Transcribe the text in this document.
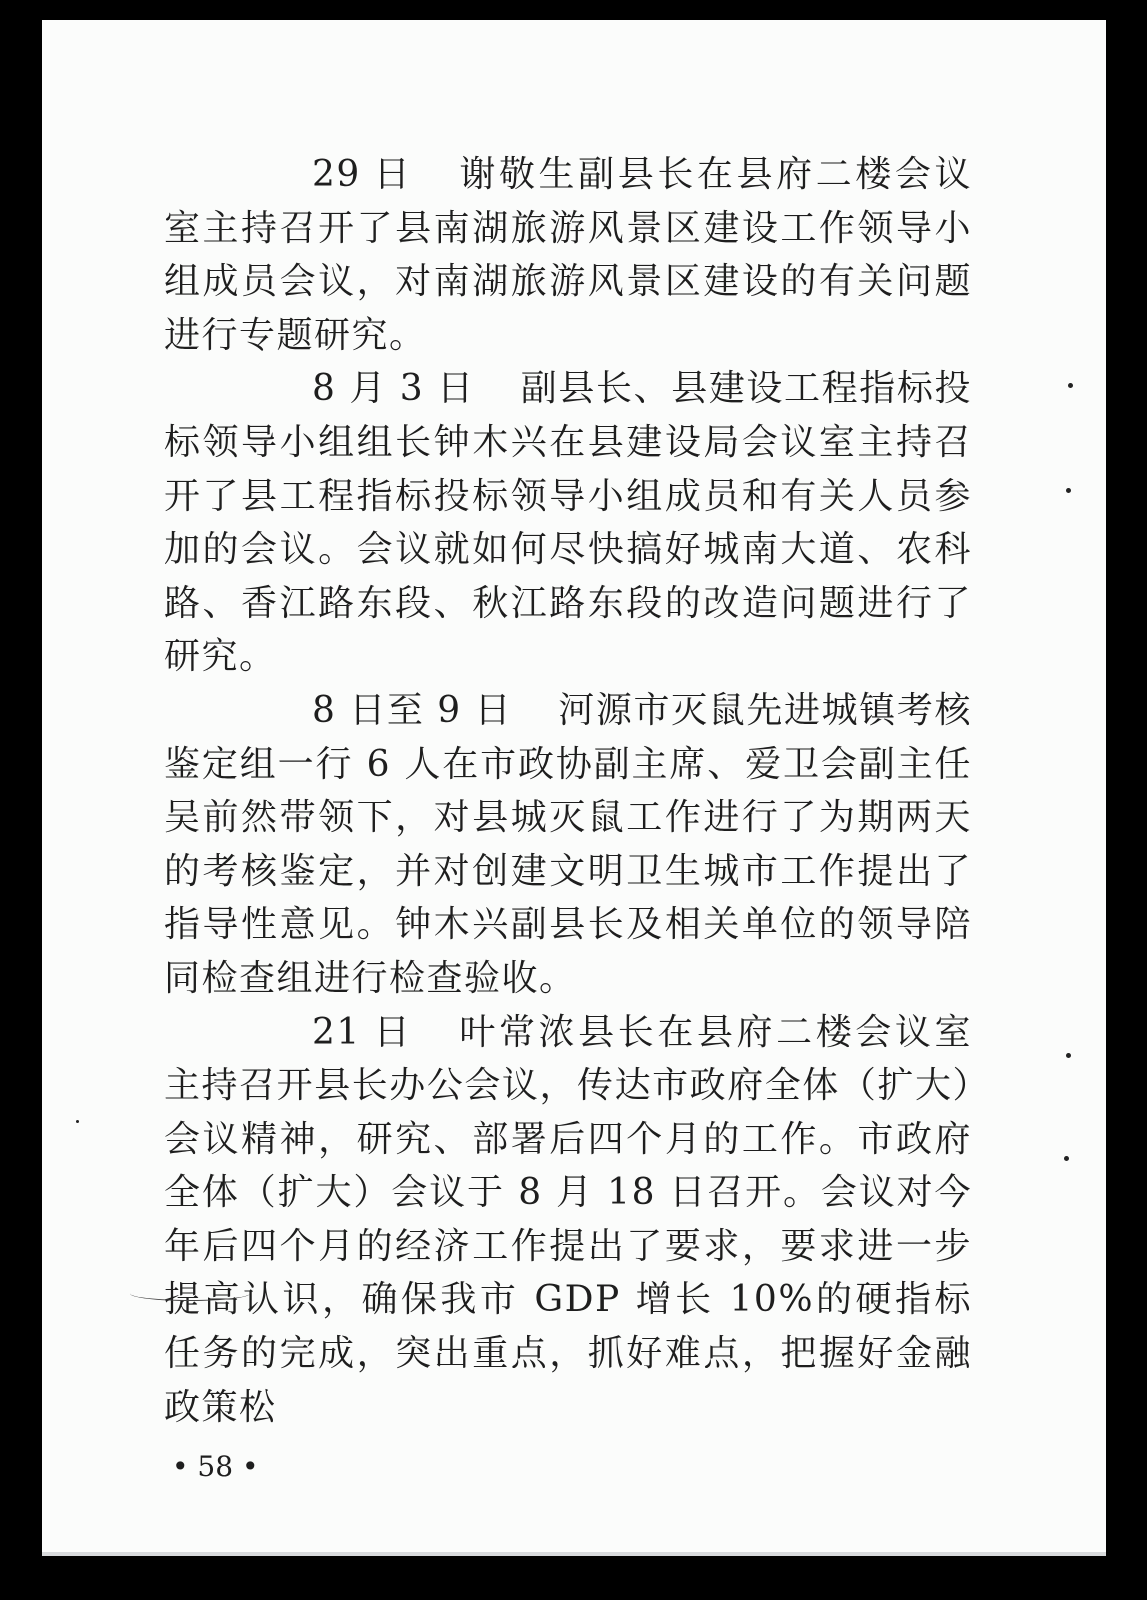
29 日 谢敬生副县长在县府二楼会议室主持召开了县南湖旅游风景区建设工作领导小组成员会议，对南湖旅游风景区建设的有关问题进行专题研究。

8 月 3 日 副县长、县建设工程指标投标领导小组组长钟木兴在县建设局会议室主持召开了县工程指标投标领导小组成员和有关人员参加的会议。会议就如何尽快搞好城南大道、农科路、香江路东段、秋江路东段的改造问题进行了研究。

8 日至 9 日 河源市灭鼠先进城镇考核鉴定组一行 6 人在市政协副主席、爱卫会副主任吴前然带领下，对县城灭鼠工作进行了为期两天的考核鉴定，并对创建文明卫生城市工作提出了指导性意见。钟木兴副县长及相关单位的领导陪同检查组进行检查验收。

21 日 叶常浓县长在县府二楼会议室主持召开县长办公会议，传达市政府全体（扩大）会议精神，研究、部署后四个月的工作。市政府全体（扩大）会议于 8 月 18 日召开。会议对今年后四个月的经济工作提出了要求，要求进一步提高认识，确保我市 GDP 增长 10%的硬指标任务的完成，突出重点，抓好难点，把握好金融政策松

• 58 •
